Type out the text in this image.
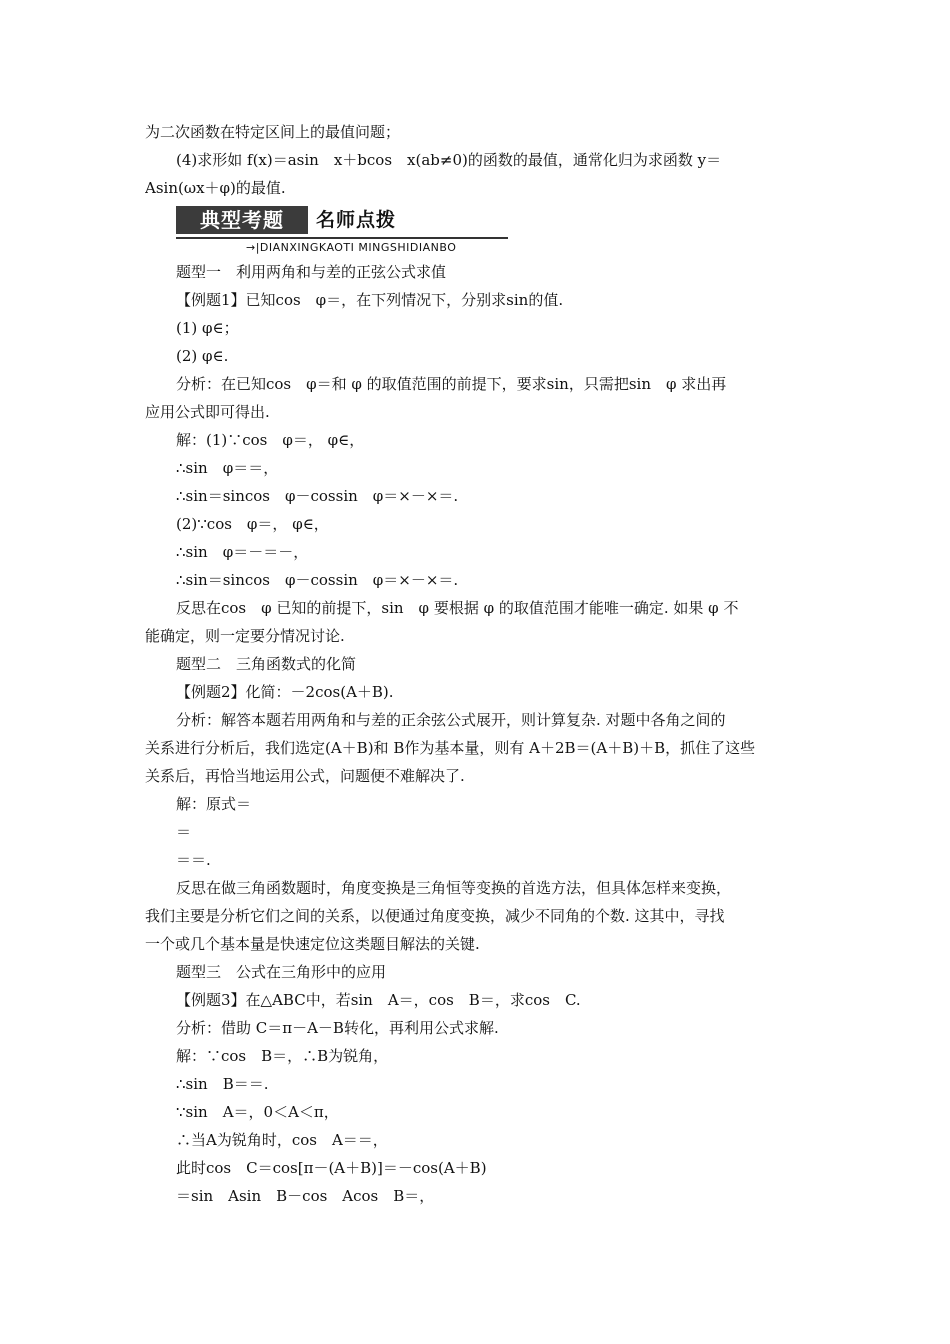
为二次函数在特定区间上的最值问题；
(4)求形如 f(x)＝asin　x＋bcos　x(ab≠0)的函数的最值，通常化归为求函数 y＝
Asin(ωx＋φ)的最值.
典型考题	名师点拨
→|DIANXINGKAOTI MINGSHIDIANBO
题型一　利用两角和与差的正弦公式求值
【例题1】已知cos　φ＝，在下列情况下，分别求sin的值.
(1) φ∈；
(2) φ∈.
分析：在已知cos　φ＝和 φ 的取值范围的前提下，要求sin，只需把sin　φ 求出再
应用公式即可得出.
解：(1)∵cos　φ＝， φ∈，
∴sin　φ＝＝，
∴sin＝sincos　φ－cossin　φ＝×－×＝.
(2)∵cos　φ＝， φ∈，
∴sin　φ＝－＝－，
∴sin＝sincos　φ－cossin　φ＝×－×＝.
反思在cos　φ 已知的前提下，sin　φ 要根据 φ 的取值范围才能唯一确定. 如果 φ 不
能确定，则一定要分情况讨论.
题型二　三角函数式的化简
【例题2】化简：－2cos(A＋B).
分析：解答本题若用两角和与差的正余弦公式展开，则计算复杂. 对题中各角之间的
关系进行分析后，我们选定(A＋B)和 B作为基本量，则有 A＋2B＝(A＋B)＋B，抓住了这些
关系后，再恰当地运用公式，问题便不难解决了.
解：原式＝
＝
＝＝.
反思在做三角函数题时，角度变换是三角恒等变换的首选方法，但具体怎样来变换，
我们主要是分析它们之间的关系，以便通过角度变换，减少不同角的个数. 这其中，寻找
一个或几个基本量是快速定位这类题目解法的关键.
题型三　公式在三角形中的应用
【例题3】在△ABC中，若sin　A＝，cos　B＝，求cos　C.
分析：借助 C＝π－A－B转化，再利用公式求解.
解：∵cos　B＝，∴B为锐角，
∴sin　B＝＝.
∵sin　A＝，0＜A＜π，
∴当A为锐角时，cos　A＝＝，
此时cos　C＝cos[π－(A＋B)]＝－cos(A＋B)
＝sin　Asin　B－cos　Acos　B＝，
